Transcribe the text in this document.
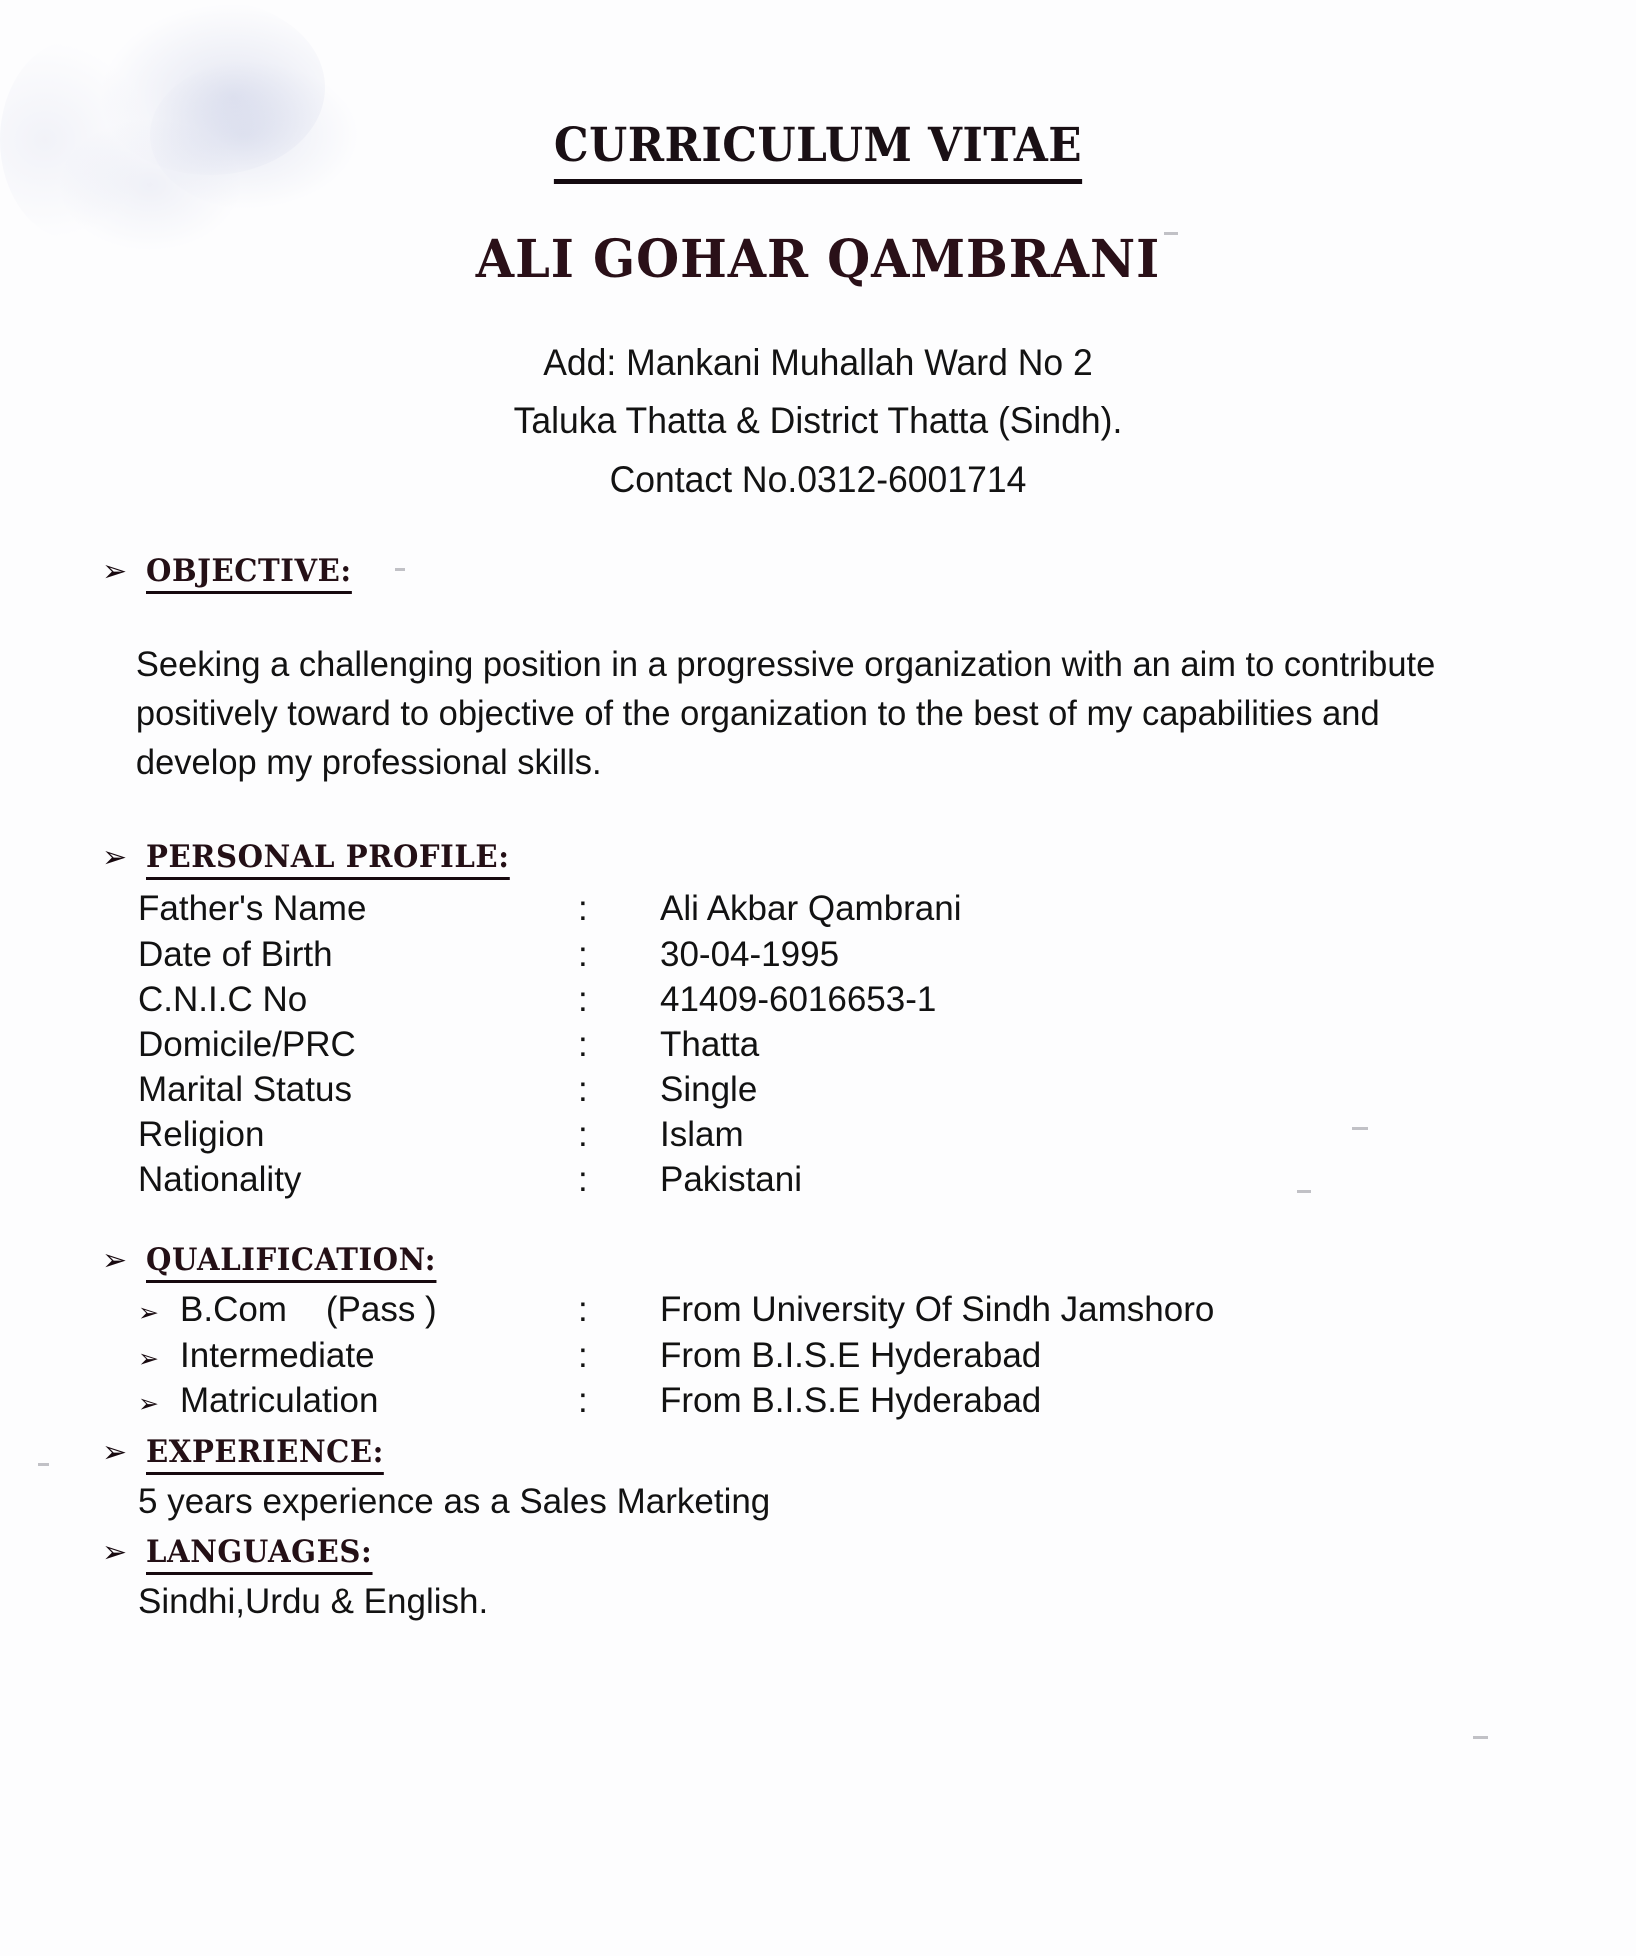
CURRICULUM VITAE
ALI GOHAR QAMBRANI
Add: Mankani Muhallah Ward No 2
Taluka Thatta & District Thatta (Sindh).
Contact No.0312-6001714
➢ OBJECTIVE:

Seeking a challenging position in a progressive organization with an aim to contribute positively toward to objective of the organization to the best of my capabilities and develop my professional skills.

➢ PERSONAL PROFILE:
Father's Name	:	Ali Akbar Qambrani
Date of Birth	:	30-04-1995
C.N.I.C No	:	41409-6016653-1
Domicile/PRC	:	Thatta
Marital Status	:	Single
Religion	:	Islam
Nationality	:	Pakistani
➢ QUALIFICATION:
➢ B.Com    (Pass )	:	From University Of Sindh Jamshoro
➢ Intermediate	:	From B.I.S.E Hyderabad
➢ Matriculation	:	From B.I.S.E Hyderabad
➢ EXPERIENCE:
5 years experience as a Sales Marketing
➢ LANGUAGES:
Sindhi,Urdu & English.
